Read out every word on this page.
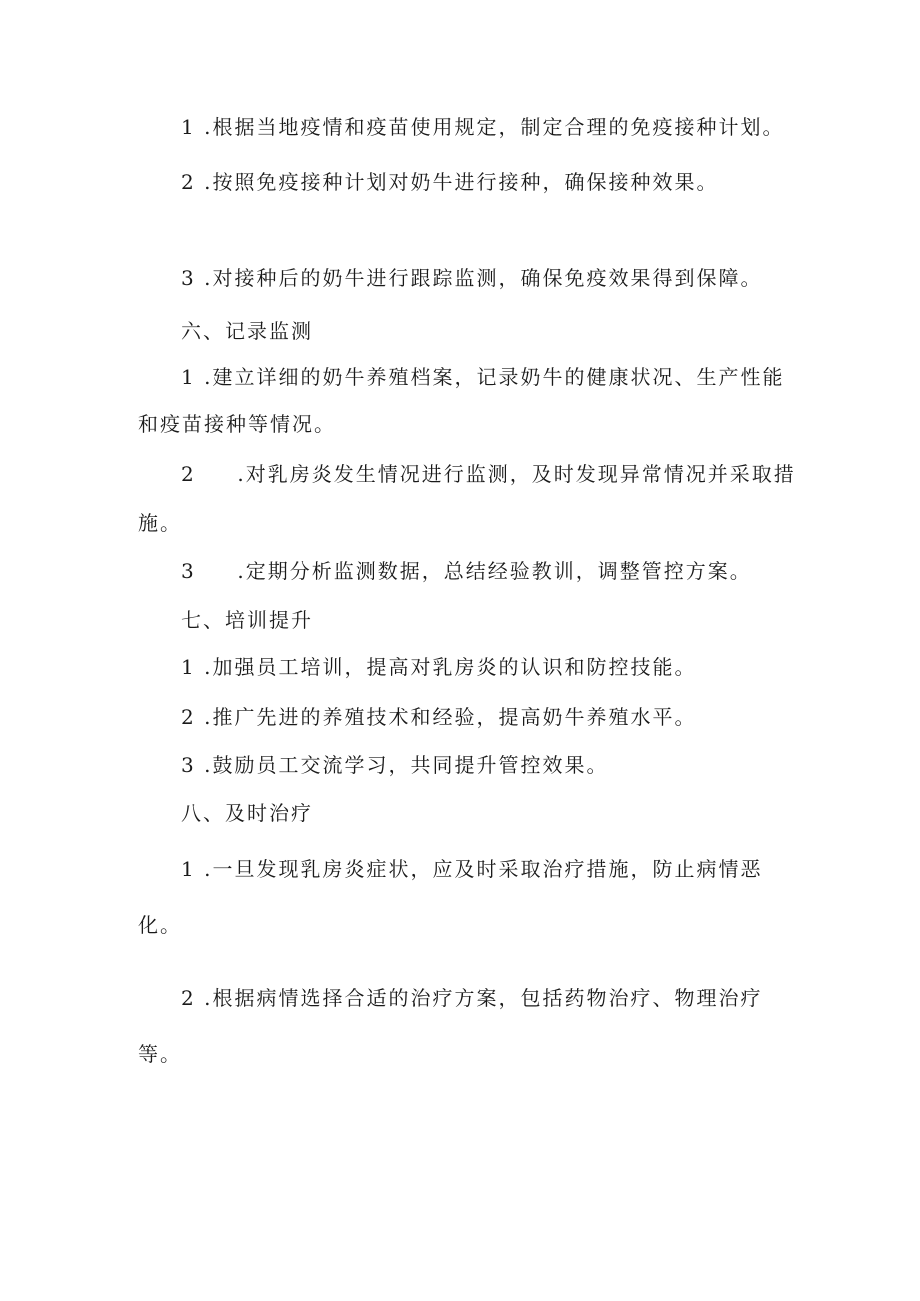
1 .根据当地疫情和疫苗使用规定，制定合理的免疫接种计划。
2 .按照免疫接种计划对奶牛进行接种，确保接种效果。
3 .对接种后的奶牛进行跟踪监测，确保免疫效果得到保障。
六、记录监测
1 .建立详细的奶牛养殖档案，记录奶牛的健康状况、生产性能
和疫苗接种等情况。
2 .对乳房炎发生情况进行监测，及时发现异常情况并采取措
施。
3 .定期分析监测数据，总结经验教训，调整管控方案。
七、培训提升
1 .加强员工培训，提高对乳房炎的认识和防控技能。
2 .推广先进的养殖技术和经验，提高奶牛养殖水平。
3 .鼓励员工交流学习，共同提升管控效果。
八、及时治疗
1 .一旦发现乳房炎症状，应及时采取治疗措施，防止病情恶
化。
2 .根据病情选择合适的治疗方案，包括药物治疗、物理治疗
等。
